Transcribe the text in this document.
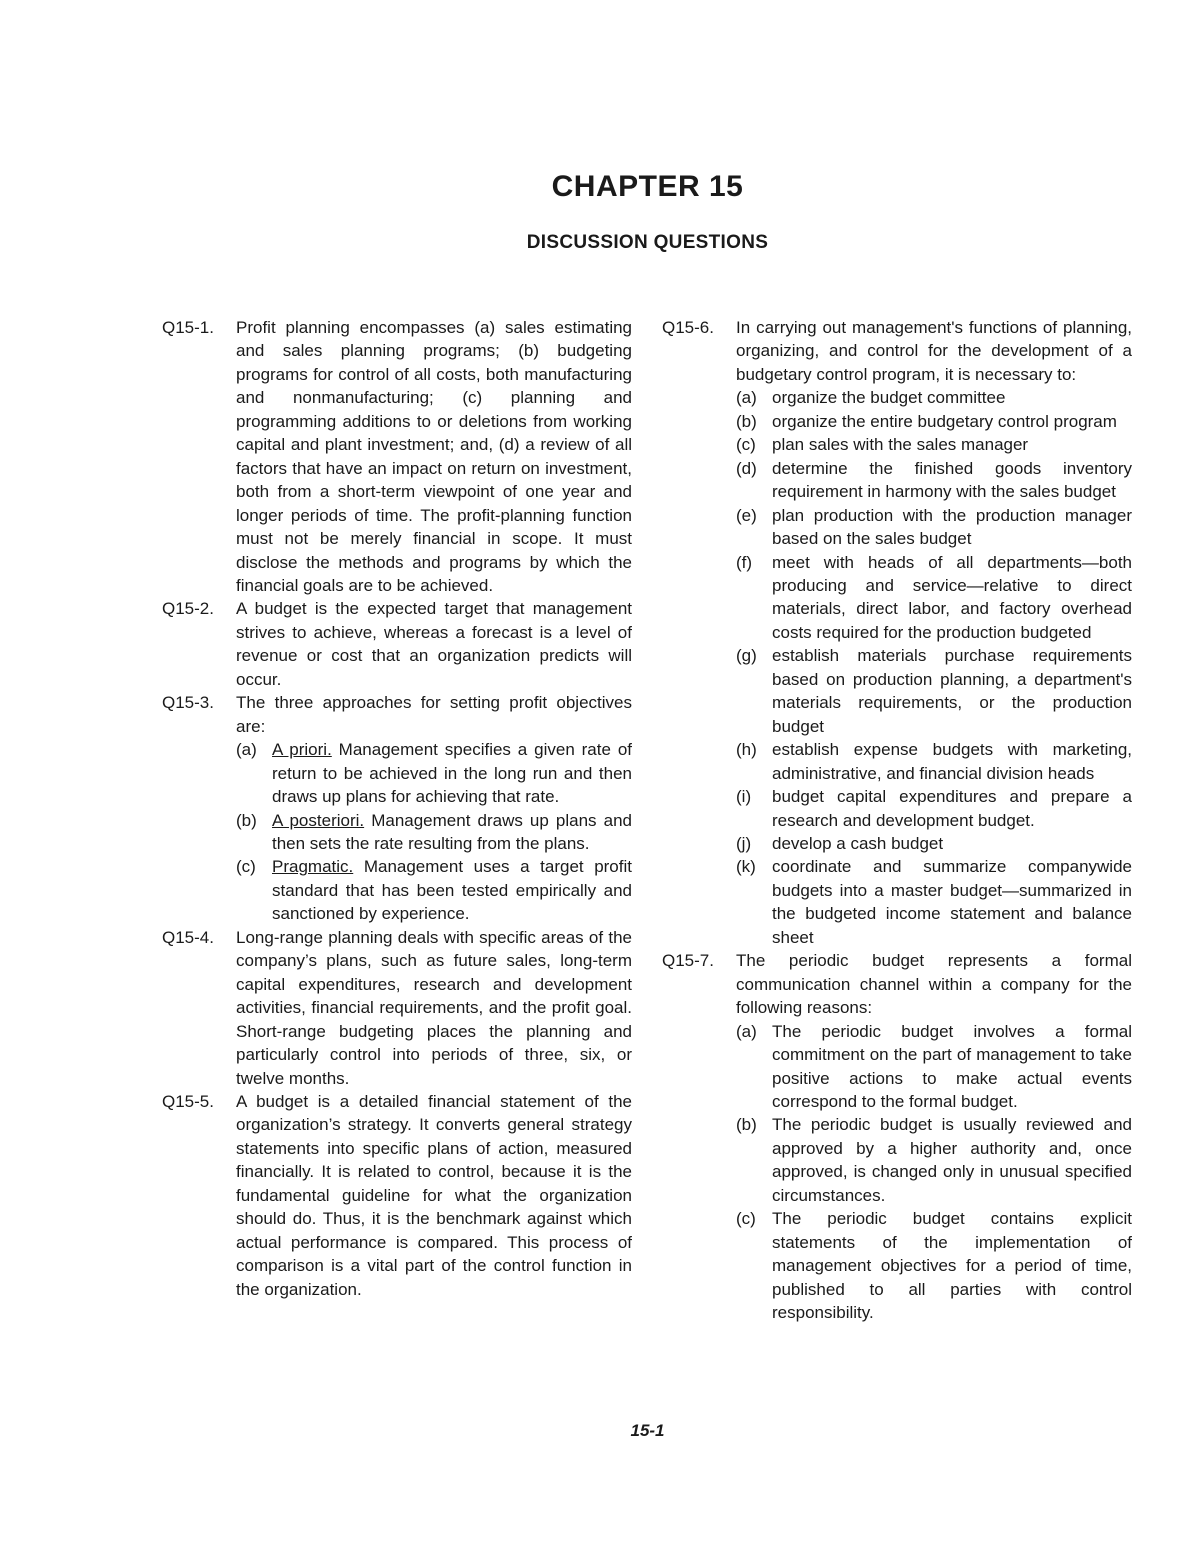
CHAPTER 15
DISCUSSION QUESTIONS
Q15-1.	Profit planning encompasses (a) sales estimating and sales planning programs; (b) budgeting programs for control of all costs, both manufacturing and nonmanufacturing; (c) planning and programming additions to or deletions from working capital and plant investment; and, (d) a review of all factors that have an impact on return on investment, both from a short-term viewpoint of one year and longer periods of time. The profit-planning function must not be merely financial in scope. It must disclose the methods and programs by which the financial goals are to be achieved.
Q15-2.	A budget is the expected target that management strives to achieve, whereas a forecast is a level of revenue or cost that an organization predicts will occur.
Q15-3.	The three approaches for setting profit objectives are:
(a) A priori. Management specifies a given rate of return to be achieved in the long run and then draws up plans for achieving that rate.
(b) A posteriori. Management draws up plans and then sets the rate resulting from the plans.
(c) Pragmatic. Management uses a target profit standard that has been tested empirically and sanctioned by experience.
Q15-4.	Long-range planning deals with specific areas of the company’s plans, such as future sales, long-term capital expenditures, research and development activities, financial requirements, and the profit goal. Short-range budgeting places the planning and particularly control into periods of three, six, or twelve months.
Q15-5.	A budget is a detailed financial statement of the organization’s strategy. It converts general strategy statements into specific plans of action, measured financially. It is related to control, because it is the fundamental guideline for what the organization should do. Thus, it is the benchmark against which actual performance is compared. This process of comparison is a vital part of the control function in the organization.
Q15-6.	In carrying out management's functions of planning, organizing, and control for the development of a budgetary control program, it is necessary to:
(a) organize the budget committee
(b) organize the entire budgetary control program
(c) plan sales with the sales manager
(d) determine the finished goods inventory requirement in harmony with the sales budget
(e) plan production with the production manager based on the sales budget
(f)	meet with heads of all departments—both producing and service—relative to direct materials, direct labor, and factory overhead costs required for the production budgeted
(g) establish materials purchase requirements based on production planning, a department's materials requirements, or the production budget
(h) establish expense budgets with marketing, administrative, and financial division heads
(i)	budget capital expenditures and prepare a research and development budget.
(j)	develop a cash budget
(k) coordinate and summarize companywide budgets into a master budget—summarized in the budgeted income statement and balance sheet
Q15-7.	The periodic budget represents a formal communication channel within a company for the following reasons:
(a) The periodic budget involves a formal commitment on the part of management to take positive actions to make actual events correspond to the formal budget.
(b) The periodic budget is usually reviewed and approved by a higher authority and, once approved, is changed only in unusual specified circumstances.
(c) The periodic budget contains explicit statements of the implementation of management objectives for a period of time, published to all parties with control responsibility.
15-1
